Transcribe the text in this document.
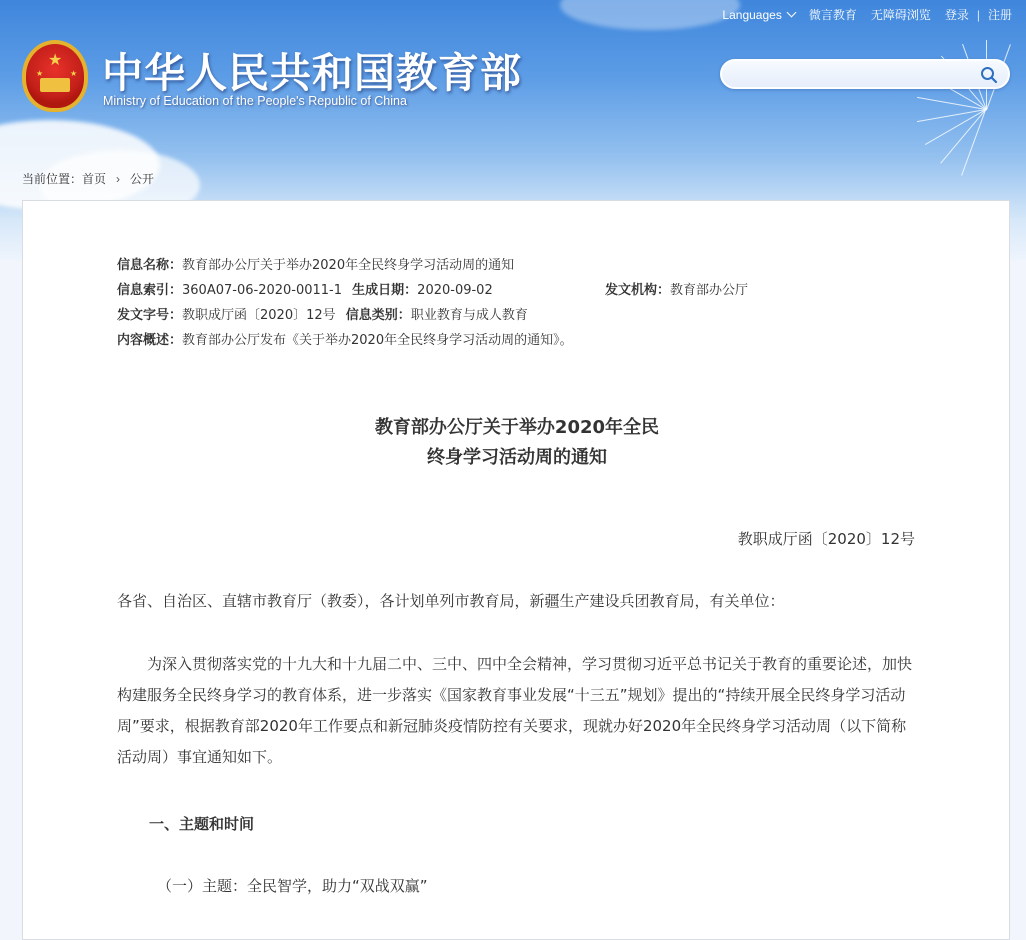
★
★	★ 中华人民共和国教育部
Ministry of Education of the People's Republic of China
Languages	微言教育 无障碍浏览 登录 | 注册
当前位置：首页 › 公开
信息名称：教育部办公厅关于举办2020年全民终身学习活动周的通知
信息索引：360A07-06-2020-0011-1 生成日期：2020-09-02	发文机构：教育部办公厅
发文字号：教职成厅函〔2020〕12号 信息类别：职业教育与成人教育
内容概述：教育部办公厅发布《关于举办2020年全民终身学习活动周的通知》。
教育部办公厅关于举办2020年全民
终身学习活动周的通知
教职成厅函〔2020〕12号
各省、自治区、直辖市教育厅（教委），各计划单列市教育局，新疆生产建设兵团教育局，有关单位：
为深入贯彻落实党的十九大和十九届二中、三中、四中全会精神，学习贯彻习近平总书记关于教育的重要论述，加快构建服务全民终身学习的教育体系，进一步落实《国家教育事业发展“十三五”规划》提出的“持续开展全民终身学习活动周”要求，根据教育部2020年工作要点和新冠肺炎疫情防控有关要求，现就办好2020年全民终身学习活动周（以下简称活动周）事宜通知如下。
一、主题和时间
（一）主题：全民智学，助力“双战双赢”
